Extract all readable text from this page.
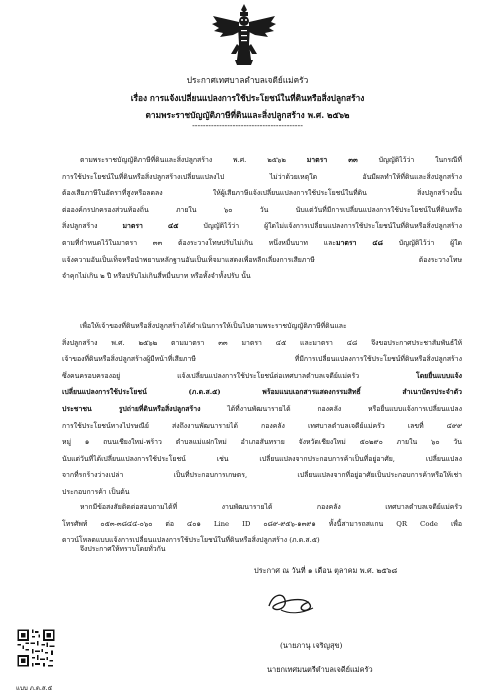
ประกาศเทศบาลตำบลเจดีย์แม่ครัว
เรื่อง การแจ้งเปลี่ยนแปลงการใช้ประโยชน์ในที่ดินหรือสิ่งปลูกสร้าง
ตามพระราชบัญญัติภาษีที่ดินและสิ่งปลูกสร้าง พ.ศ. ๒๕๖๒
-----------------------------------------
ตามพระราชบัญญัติภาษีที่ดินและสิ่งปลูกสร้าง พ.ศ. ๒๕๖๒ มาตรา ๓๓ บัญญัติไว้ว่า ในกรณีที่
การใช้ประโยชน์ในที่ดินหรือสิ่งปลูกสร้างเปลี่ยนแปลงไป ไม่ว่าด้วยเหตุใด อันมีผลทำให้ที่ดินและสิ่งปลูกสร้าง
ต้องเสียภาษีในอัตราที่สูงหรือลดลง ให้ผู้เสียภาษีแจ้งเปลี่ยนแปลงการใช้ประโยชน์ในที่ดิน สิ่งปลูกสร้างนั้น
ต่อองค์กรปกครองส่วนท้องถิ่น ภายใน ๖๐ วัน นับแต่วันที่มีการเปลี่ยนแปลงการใช้ประโยชน์ในที่ดินหรือ
สิ่งปลูกสร้าง มาตรา ๔๕ บัญญัติไว้ว่า ผู้ใดไม่แจ้งการเปลี่ยนแปลงการใช้ประโยชน์ในที่ดินหรือสิ่งปลูกสร้าง
ตามที่กำหนดไว้ในมาตรา ๓๓ ต้องระวางโทษปรับไม่เกิน หนึ่งหมื่นบาท และมาตรา ๔๘ บัญญัติไว้ว่า ผู้ใด
แจ้งความอันเป็นเท็จหรือนำพยานหลักฐานอันเป็นเท็จมาแสดงเพื่อหลีกเลี่ยงการเสียภาษี ต้องระวางโทษ
จำคุกไม่เกิน ๒ ปี หรือปรับไม่เกินสี่หมื่นบาท หรือทั้งจำทั้งปรับ นั้น
เพื่อให้เจ้าของที่ดินหรือสิ่งปลูกสร้างได้ดำเนินการให้เป็นไปตามพระราชบัญญัติภาษีที่ดินและ
สิ่งปลูกสร้าง พ.ศ. ๒๕๖๒ ตามมาตรา ๓๓ มาตรา ๔๕ และมาตรา ๔๘ จึงขอประกาศประชาสัมพันธ์ให้
เจ้าของที่ดินหรือสิ่งปลูกสร้างผู้มีหน้าที่เสียภาษี ที่มีการเปลี่ยนแปลงการใช้ประโยชน์ที่ดินหรือสิ่งปลูกสร้าง
ซึ่งคนครอบครองอยู่ แจ้งเปลี่ยนแปลงการใช้ประโยชน์ต่อเทศบาลตำบลเจดีย์แม่ครัว โดยยื่นแบบแจ้ง
เปลี่ยนแปลงการใช้ประโยชน์ (ภ.ด.ส.๕) พร้อมแนบเอกสารแสดงกรรมสิทธิ์ สำเนาบัตรประจำตัว
ประชาชน รูปถ่ายที่ดินหรือสิ่งปลูกสร้าง ได้ที่งานพัฒนารายได้ กองคลัง หรือยื่นแบบแจ้งการเปลี่ยนแปลง
การใช้ประโยชน์ทางไปรษณีย์ ส่งถึงงานพัฒนารายได้ กองคลัง เทศบาลตำบลเจดีย์แม่ครัว เลขที่ ๔๙๙
หมู่ ๑ ถนนเชียงใหม่-พร้าว ตำบลแม่แฝกใหม่ อำเภอสันทราย จังหวัดเชียงใหม่ ๕๐๒๙๐ ภายใน ๖๐ วัน
นับแต่วันที่ได้เปลี่ยนแปลงการใช้ประโยชน์ เช่น เปลี่ยนแปลงจากประกอบการค้าเป็นที่อยู่อาศัย, เปลี่ยนแปลง
จากที่รกร้างว่างเปล่า เป็นที่ประกอบการเกษตร, เปลี่ยนแปลงจากที่อยู่อาศัยเป็นประกอบการค้าหรือให้เช่า
ประกอบการค้า เป็นต้น
หากมีข้อสงสัยติดต่อสอบถามได้ที่ งานพัฒนารายได้ กองคลัง เทศบาลตำบลเจดีย์แม่ครัว
โทรศัพท์ ๐๕๓-๓๘๔๔-๐๖๐ ต่อ ๔๐๑ Line ID ๐๘๙-๙๕๖-๑๓๙๑ ทั้งนี้สามารถสแกน QR Code เพื่อ
ดาวน์โหลดแบบแจ้งการเปลี่ยนแปลงการใช้ประโยชน์ในที่ดินหรือสิ่งปลูกสร้าง (ภ.ด.ส.๕)
จึงประกาศให้ทราบโดยทั่วกัน
ประกาศ ณ วันที่ ๑ เดือน ตุลาคม พ.ศ. ๒๕๖๘
(นายภานุ เจริญสุข)
นายกเทศมนตรีตำบลเจดีย์แม่ครัว
แบบ ภ.ด.ส.๕
